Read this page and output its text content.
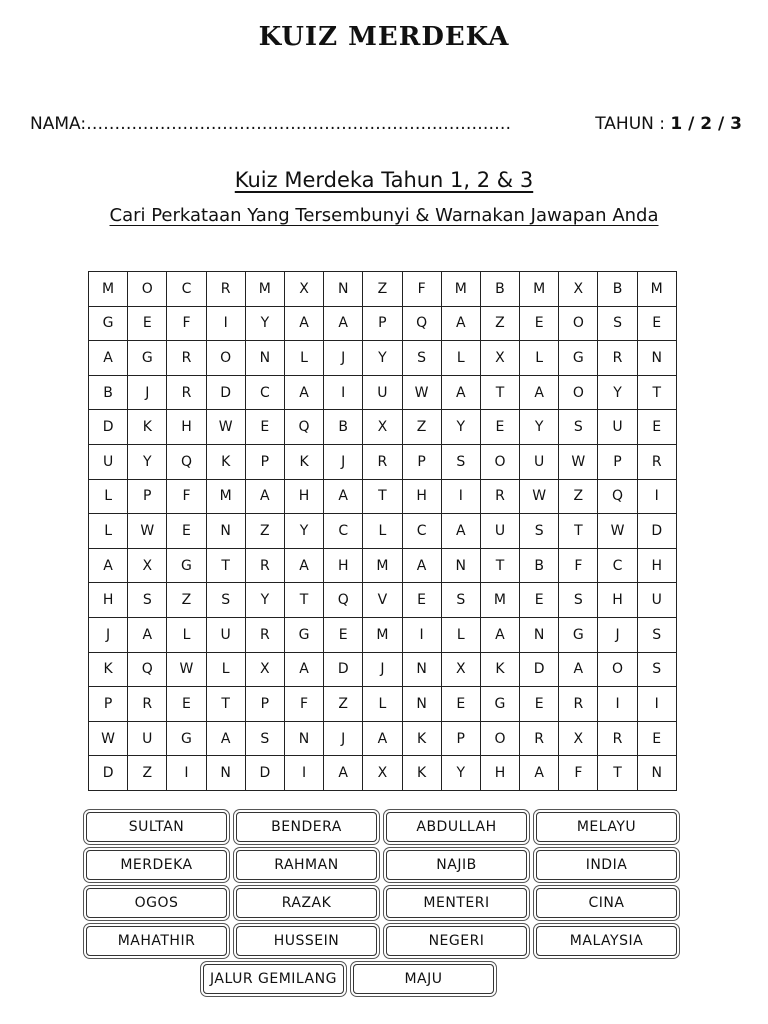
KUIZ MERDEKA
NAMA:…………………………………………………………………	TAHUN : 1 / 2 / 3
Kuiz Merdeka Tahun 1, 2 & 3
Cari Perkataan Yang Tersembunyi & Warnakan Jawapan Anda
M	O	C	R	M	X	N	Z	F	M	B	M	X	B	M
G	E	F	I	Y	A	A	P	Q	A	Z	E	O	S	E
A	G	R	O	N	L	J	Y	S	L	X	L	G	R	N
B	J	R	D	C	A	I	U	W	A	T	A	O	Y	T
D	K	H	W	E	Q	B	X	Z	Y	E	Y	S	U	E
U	Y	Q	K	P	K	J	R	P	S	O	U	W	P	R
L	P	F	M	A	H	A	T	H	I	R	W	Z	Q	I
L	W	E	N	Z	Y	C	L	C	A	U	S	T	W	D
A	X	G	T	R	A	H	M	A	N	T	B	F	C	H
H	S	Z	S	Y	T	Q	V	E	S	M	E	S	H	U
J	A	L	U	R	G	E	M	I	L	A	N	G	J	S
K	Q	W	L	X	A	D	J	N	X	K	D	A	O	S
P	R	E	T	P	F	Z	L	N	E	G	E	R	I	I
W	U	G	A	S	N	J	A	K	P	O	R	X	R	E
D	Z	I	N	D	I	A	X	K	Y	H	A	F	T	N
SULTAN	BENDERA	ABDULLAH	MELAYU
MERDEKA	RAHMAN	NAJIB	INDIA
OGOS	RAZAK	MENTERI	CINA
MAHATHIR	HUSSEIN	NEGERI	MALAYSIA
JALUR GEMILANG	MAJU
